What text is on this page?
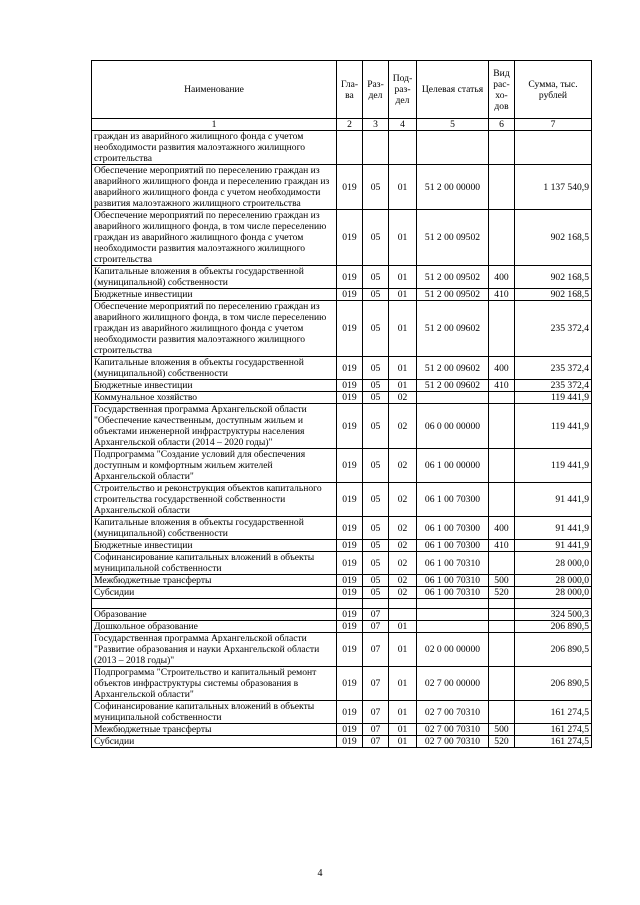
Наименование	Гла-ва	Раз-дел	Под-раз-дел	Целевая статья	Вид рас-хо-дов	Сумма, тыс. рублей
1	2	3	4	5	6	7
граждан из аварийного жилищного фонда с учетом необходимости развития малоэтажного жилищного строительства						
Обеспечение мероприятий по переселению граждан из аварийного жилищного фонда и переселению граждан из аварийного жилищного фонда с учетом необходимости развития малоэтажного жилищного строительства	019	05	01	51 2 00 00000		1 137 540,9
Обеспечение мероприятий по переселению граждан из аварийного жилищного фонда, в том числе переселению граждан из аварийного жилищного фонда с учетом необходимости развития малоэтажного жилищного строительства	019	05	01	51 2 00 09502		902 168,5
Капитальные вложения в объекты государственной (муниципальной) собственности	019	05	01	51 2 00 09502	400	902 168,5
Бюджетные инвестиции	019	05	01	51 2 00 09502	410	902 168,5
Обеспечение мероприятий по переселению граждан из аварийного жилищного фонда, в том числе переселению граждан из аварийного жилищного фонда с учетом необходимости развития малоэтажного жилищного строительства	019	05	01	51 2 00 09602		235 372,4
Капитальные вложения в объекты государственной (муниципальной) собственности	019	05	01	51 2 00 09602	400	235 372,4
Бюджетные инвестиции	019	05	01	51 2 00 09602	410	235 372,4
Коммунальное хозяйство	019	05	02			119 441,9
Государственная программа Архангельской области "Обеспечение качественным, доступным жильем и объектами инженерной инфраструктуры населения Архангельской области (2014 – 2020 годы)"	019	05	02	06 0 00 00000		119 441,9
Подпрограмма "Создание условий для обеспечения доступным и комфортным жильем жителей Архангельской области"	019	05	02	06 1 00 00000		119 441,9
Строительство и реконструкция объектов капитального строительства государственной собственности Архангельской области	019	05	02	06 1 00 70300		91 441,9
Капитальные вложения в объекты государственной (муниципальной) собственности	019	05	02	06 1 00 70300	400	91 441,9
Бюджетные инвестиции	019	05	02	06 1 00 70300	410	91 441,9
Софинансирование капитальных вложений в объекты муниципальной собственности	019	05	02	06 1 00 70310		28 000,0
Межбюджетные трансферты	019	05	02	06 1 00 70310	500	28 000,0
Субсидии	019	05	02	06 1 00 70310	520	28 000,0

Образование	019	07				324 500,3
Дошкольное образование	019	07	01			206 890,5
Государственная программа Архангельской области "Развитие образования и науки Архангельской области (2013 – 2018 годы)"	019	07	01	02 0 00 00000		206 890,5
Подпрограмма "Строительство и капитальный ремонт объектов инфраструктуры системы образования в Архангельской области"	019	07	01	02 7 00 00000		206 890,5
Софинансирование капитальных вложений в объекты муниципальной собственности	019	07	01	02 7 00 70310		161 274,5
Межбюджетные трансферты	019	07	01	02 7 00 70310	500	161 274,5
Субсидии	019	07	01	02 7 00 70310	520	161 274,5
4
